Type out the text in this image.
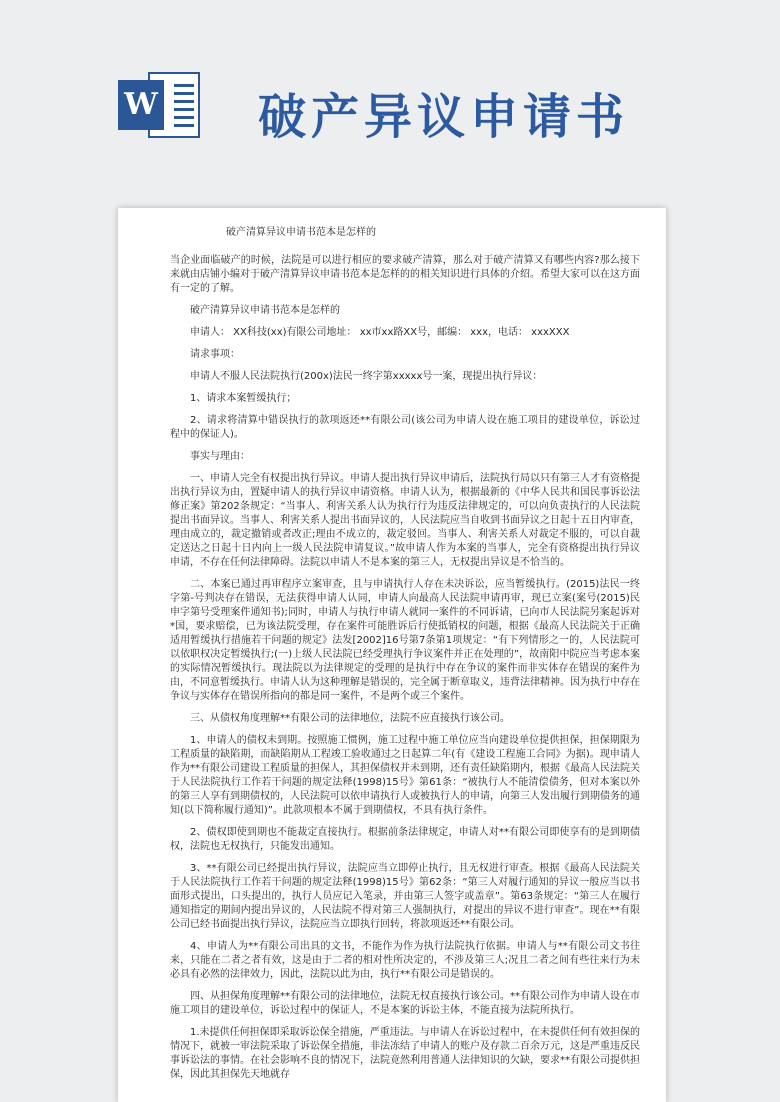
W 破产异议申请书

破产清算异议申请书范本是怎样的

当企业面临破产的时候，法院是可以进行相应的要求破产清算，那么对于破产清算又有哪些内容?那么接下来就由店铺小编对于破产清算异议申请书范本是怎样的的相关知识进行具体的介绍。希望大家可以在这方面有一定的了解。

破产清算异议申请书范本是怎样的

申请人： XX科技(xx)有限公司地址： xx市xx路XX号，邮编： xxx，电话： xxxXXX

请求事项：

申请人不服人民法院执行(200x)法民一终字第xxxxx号一案，现提出执行异议：

1、请求本案暂缓执行；

2、请求将清算中错误执行的款项返还**有限公司(该公司为申请人设在施工项目的建设单位，诉讼过程中的保证人)。

事实与理由：

一、申请人完全有权提出执行异议。申请人提出执行异议申请后，法院执行局以只有第三人才有资格提出执行异议为由，置疑申请人的执行异议申请资格。申请人认为，根据最新的《中华人民共和国民事诉讼法修正案》第202条规定：“当事人、利害关系人认为执行行为违反法律规定的，可以向负责执行的人民法院提出书面异议。当事人、利害关系人提出书面异议的，人民法院应当自收到书面异议之日起十五日内审查，理由成立的，裁定撤销或者改正;理由不成立的，裁定驳回。当事人、利害关系人对裁定不服的，可以自裁定送达之日起十日内向上一级人民法院申请复议。”故申请人作为本案的当事人，完全有资格提出执行异议申请，不存在任何法律障碍。法院以申请人不是本案的第三人，无权提出异议是不恰当的。

二、本案已通过再审程序立案审查，且与申请执行人存在未决诉讼，应当暂缓执行。(2015)法民一终字第-号判决存在错误，无法获得申请人认同，申请人向最高人民法院申请再审，现已立案(案号(2015)民申字第号受理案件通知书);同时，申请人与执行申请人就同一案件的不同诉请，已向市人民法院另案起诉对*国，要求赔偿，已为该法院受理，存在案件可能胜诉后行使抵销权的问题，根据《最高人民法院关于正确适用暂缓执行措施若干问题的规定》法发[2002]16号第7条第1项规定：“有下列情形之一的，人民法院可以依职权决定暂缓执行;(一)上级人民法院已经受理执行争议案件并正在处理的”，故南阳中院应当考虑本案的实际情况暂缓执行。现法院以为法律规定的受理的是执行中存在争议的案件而非实体存在错误的案件为由，不同意暂缓执行。申请人认为这种理解是错误的，完全属于断章取义，违背法律精神。因为执行中存在争议与实体存在错误所指向的都是同一案件，不是两个或三个案件。

三、从债权角度理解**有限公司的法律地位，法院不应直接执行该公司。

1、申请人的债权未到期。按照施工惯例，施工过程中施工单位应当向建设单位提供担保，担保期限为工程质量的缺陷期，而缺陷期从工程竣工验收通过之日起算二年(有《建设工程施工合同》为据)。现申请人作为**有限公司建设工程质量的担保人，其担保债权并未到期，还有责任缺陷期内，根据《最高人民法院关于人民法院执行工作若干问题的规定法释(1998)15号》第61条：“被执行人不能清偿债务，但对本案以外的第三人享有到期债权的，人民法院可以依申请执行人或被执行人的申请，向第三人发出履行到期债务的通知(以下简称履行通知)”。此款项根本不属于到期债权，不具有执行条件。

2、债权即使到期也不能裁定直接执行。根据前条法律规定，申请人对**有限公司即使享有的是到期债权，法院也无权执行，只能发出通知。

3、**有限公司已经提出执行异议，法院应当立即停止执行，且无权进行审查。根据《最高人民法院关于人民法院执行工作若干问题的规定法释(1998)15号》第62条：“第三人对履行通知的异议一般应当以书面形式提出，口头提出的，执行人员应记入笔录，并由第三人签字或盖章”。第63条规定：“第三人在履行通知指定的期间内提出异议的，人民法院不得对第三人强制执行，对提出的异议不进行审查”。现在**有限公司已经书面提出执行异议，法院应当立即执行回转，将款项返还**有限公司。

4、申请人为**有限公司出具的文书，不能作为作为执行法院执行依据。申请人与**有限公司文书往来，只能在二者之者有效，这是由于二者的相对性所决定的，不涉及第三人;况且二者之间有些往来行为未必具有必然的法律效力，因此，法院以此为由，执行**有限公司是错误的。

四、从担保角度理解**有限公司的法律地位，法院无权直接执行该公司。**有限公司作为申请人设在市施工项目的建设单位，诉讼过程中的保证人，不是本案的诉讼主体，不能直接为法院所执行。

1.未提供任何担保即采取诉讼保全措施，严重违法。与申请人在诉讼过程中，在未提供任何有效担保的情况下，就被一审法院采取了诉讼保全措施，非法冻结了申请人的账户及存款二百余万元，这是严重违反民事诉讼法的事情。在社会影响不良的情况下，法院竟然利用普通人法律知识的欠缺，要求**有限公司提供担保，因此其担保先天地就存
